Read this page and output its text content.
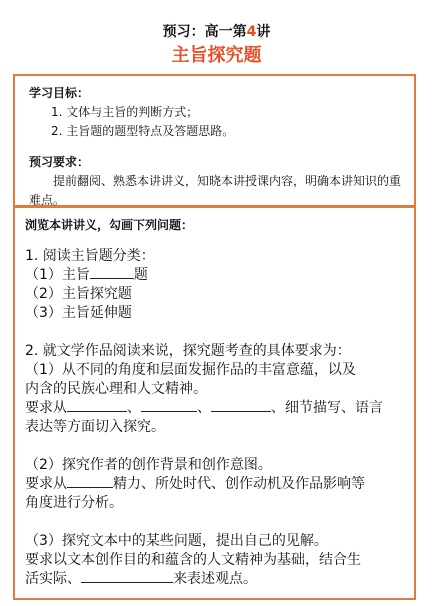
预习：高一第4讲
主旨探究题
学习目标：
1. 文体与主旨的判断方式；
2. 主旨题的题型特点及答题思路。
预习要求：
提前翻阅、熟悉本讲讲义，知晓本讲授课内容，明确本讲知识的重难点。
浏览本讲讲义，勾画下列问题：
1. 阅读主旨题分类：
（1）主旨	题
（2）主旨探究题
（3）主旨延伸题
2. 就文学作品阅读来说，探究题考查的具体要求为：
（1）从不同的角度和层面发掘作品的丰富意蕴，以及
内含的民族心理和人文精神。
要求从	、	、	、细节描写、语言
表达等方面切入探究。
（2）探究作者的创作背景和创作意图。
要求从	精力、所处时代、创作动机及作品影响等
角度进行分析。
（3）探究文本中的某些问题，提出自己的见解。
要求以文本创作目的和蕴含的人文精神为基础，结合生
活实际、	来表述观点。
